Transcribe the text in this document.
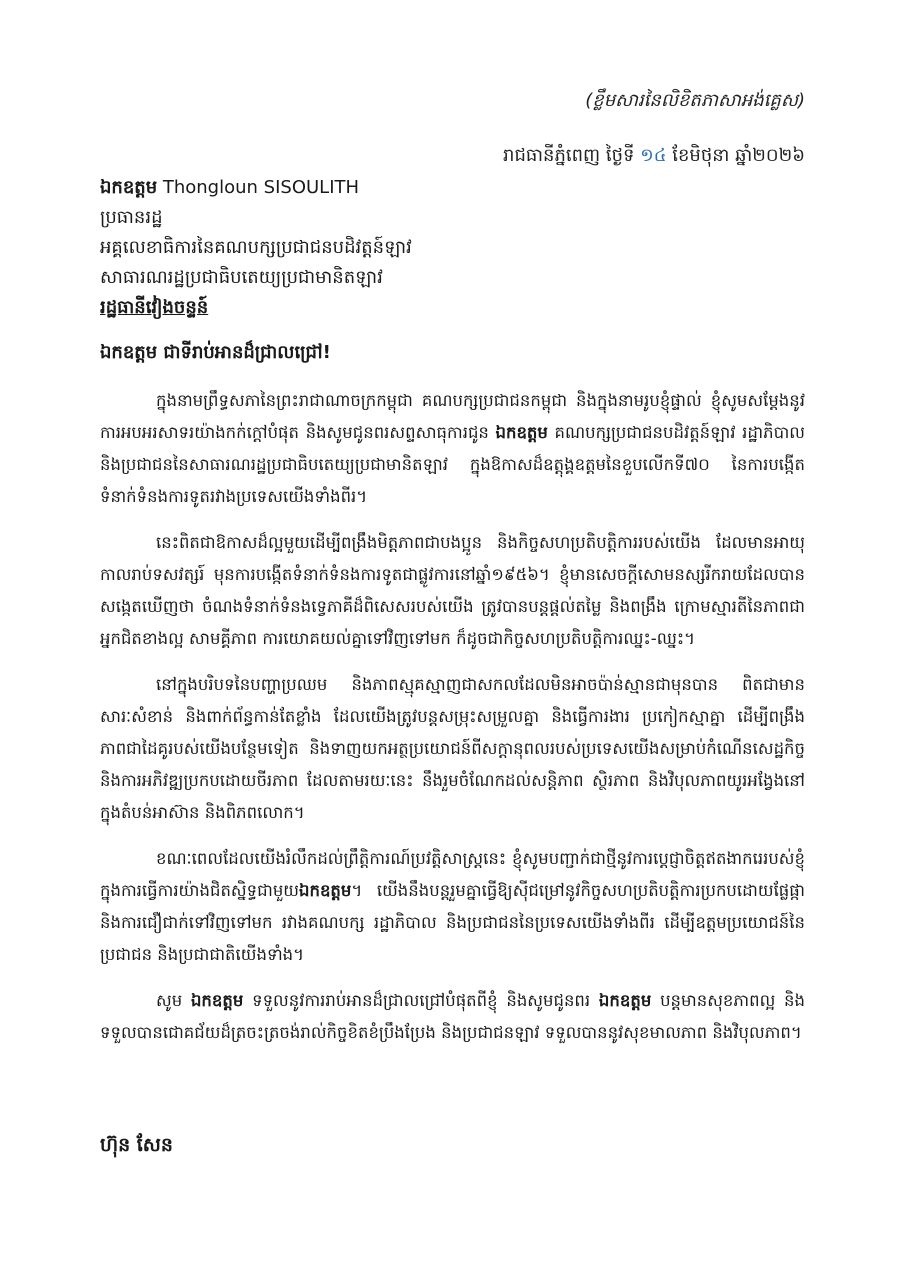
(ខ្លឹមសារនៃលិខិតភាសាអង់គ្លេស)
រាជធានីភ្នំពេញ ថ្ងៃទី ១៤ ខែមិថុនា ឆ្នាំ២០២៦
ឯកឧត្តម Thongloun SISOULITH
ប្រធានរដ្ឋ
អគ្គលេខាធិការនៃគណបក្សប្រជាជនបដិវត្តន៍ឡាវ
សាធារណរដ្ឋប្រជាធិបតេយ្យប្រជាមានិតឡាវ
រដ្ឋធានីវៀងចន្ទន៍
ឯកឧត្តម ជាទីរាប់អានដ៏ជ្រាលជ្រៅ!

ក្នុងនាមព្រឹទ្ធសភានៃព្រះរាជាណាចក្រកម្ពុជា គណបក្សប្រជាជនកម្ពុជា និងក្នុងនាមរូបខ្ញុំផ្ទាល់ ខ្ញុំសូមសម្តែងនូវការអបអរសាទរយ៉ាងកក់ក្តៅបំផុត និងសូមជូនពរសព្ទសាធុការជូន ឯកឧត្តម គណបក្សប្រជាជនបដិវត្តន៍ឡាវ រដ្ឋាភិបាល និងប្រជាជននៃសាធារណរដ្ឋប្រជាធិបតេយ្យប្រជាមានិតឡាវ ក្នុងឱកាសដ៏ឧត្តុង្គឧត្តមនៃខួបលើកទី៧០ នៃការបង្កើតទំនាក់ទំនងការទូតរវាងប្រទេសយើងទាំងពីរ។

នេះពិតជាឱកាសដ៏ល្អមួយដើម្បីពង្រឹងមិត្តភាពជាបងប្អូន និងកិច្ចសហប្រតិបត្តិការរបស់យើង ដែលមានអាយុកាលរាប់ទសវត្សរ៍ មុនការបង្កើតទំនាក់ទំនងការទូតជាផ្លូវការនៅឆ្នាំ១៩៥៦។ ខ្ញុំមានសេចក្តីសោមនស្សរីករាយដែលបានសង្កេតឃើញថា ចំណងទំនាក់ទំនងទ្វេភាគីដ៏ពិសេសរបស់យើង ត្រូវបានបន្តផ្តល់តម្លៃ និងពង្រឹង ក្រោមស្មារតីនៃភាពជាអ្នកជិតខាងល្អ សាមគ្គីភាព ការយោគយល់គ្នាទៅវិញទៅមក ក៏ដូចជាកិច្ចសហប្រតិបត្តិការឈ្នះ-ឈ្នះ។

នៅក្នុងបរិបទនៃបញ្ហាប្រឈម និងភាពស្មុគស្មាញជាសកលដែលមិនអាចប៉ាន់ស្មានជាមុនបាន ពិតជាមានសារៈសំខាន់ និងពាក់ព័ន្ធកាន់តែខ្លាំង ដែលយើងត្រូវបន្តសម្រុះសម្រួលគ្នា និងធ្វើការងារ ប្រកៀកស្មាគ្នា ដើម្បីពង្រឹងភាពជាដៃគូរបស់យើងបន្ថែមទៀត និងទាញយកអត្ថប្រយោជន៍ពីសក្តានុពលរបស់ប្រទេសយើងសម្រាប់កំណើនសេដ្ឋកិច្ច និងការអភិវឌ្ឍប្រកបដោយចីរភាព ដែលតាមរយៈនេះ នឹងរួមចំណែកដល់សន្តិភាព ស្ថិរភាព និងវិបុលភាពយូរអង្វែងនៅក្នុងតំបន់អាស៊ាន និងពិភពលោក។

ខណៈពេលដែលយើងរំលឹកដល់ព្រឹត្តិការណ៍ប្រវត្តិសាស្ត្រនេះ ខ្ញុំសូមបញ្ជាក់ជាថ្មីនូវការប្តេជ្ញាចិត្តឥតងាករេរបស់ខ្ញុំក្នុងការធ្វើការយ៉ាងជិតស្និទ្ធជាមួយឯកឧត្តម។ យើងនឹងបន្តរួមគ្នាធ្វើឱ្យស៊ីជម្រៅនូវកិច្ចសហប្រតិបត្តិការប្រកបដោយផ្លែផ្កា និងការជឿជាក់ទៅវិញទៅមក រវាងគណបក្ស រដ្ឋាភិបាល និងប្រជាជននៃប្រទេសយើងទាំងពីរ ដើម្បីឧត្តមប្រយោជន៍នៃប្រជាជន និងប្រជាជាតិយើងទាំង។

សូម ឯកឧត្តម ទទួលនូវការរាប់អានដ៏ជ្រាលជ្រៅបំផុតពីខ្ញុំ និងសូមជូនពរ ឯកឧត្តម បន្តមានសុខភាពល្អ និងទទួលបានជោគជ័យដ៏ត្រចះត្រចង់រាល់កិច្ចខិតខំប្រឹងប្រែង និងប្រជាជនឡាវ ទទួលបាននូវសុខមាលភាព និងវិបុលភាព។

ហ៊ុន សែន
